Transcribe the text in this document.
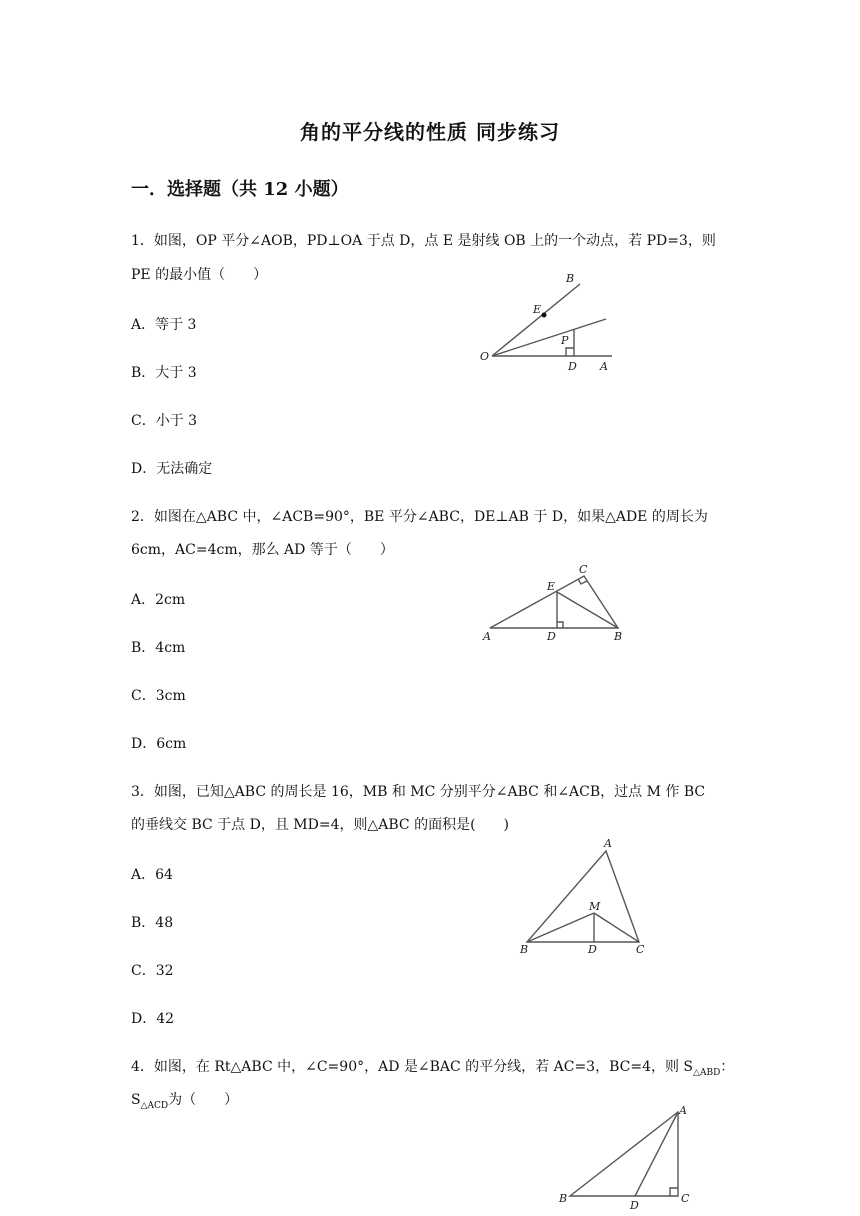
角的平分线的性质 同步练习
一．选择题（共 12 小题）
1．如图，OP 平分∠AOB，PD⊥OA 于点 D，点 E 是射线 OB 上的一个动点，若 PD=3，则
PE 的最小值（　　）
A．等于 3
B．大于 3
C．小于 3
D．无法确定
B
E
P
O
D A
2．如图在△ABC 中，∠ACB=90°，BE 平分∠ABC，DE⊥AB 于 D，如果△ADE 的周长为
6cm，AC=4cm，那么 AD 等于（　　）
A．2cm
B．4cm
C．3cm
D．6cm
C
E
A	D	B
3．如图，已知△ABC 的周长是 16，MB 和 MC 分别平分∠ABC 和∠ACB，过点 M 作 BC
的垂线交 BC 于点 D，且 MD=4，则△ABC 的面积是(　　)
A．64
B．48
C．32
D．42
A
M
B	D	C
4．如图，在 Rt△ABC 中，∠C=90°，AD 是∠BAC 的平分线，若 AC=3，BC=4，则 $S_{\triangle ABD}$：
$S_{\triangle ACD}$为（　　）
A
B
D
C
